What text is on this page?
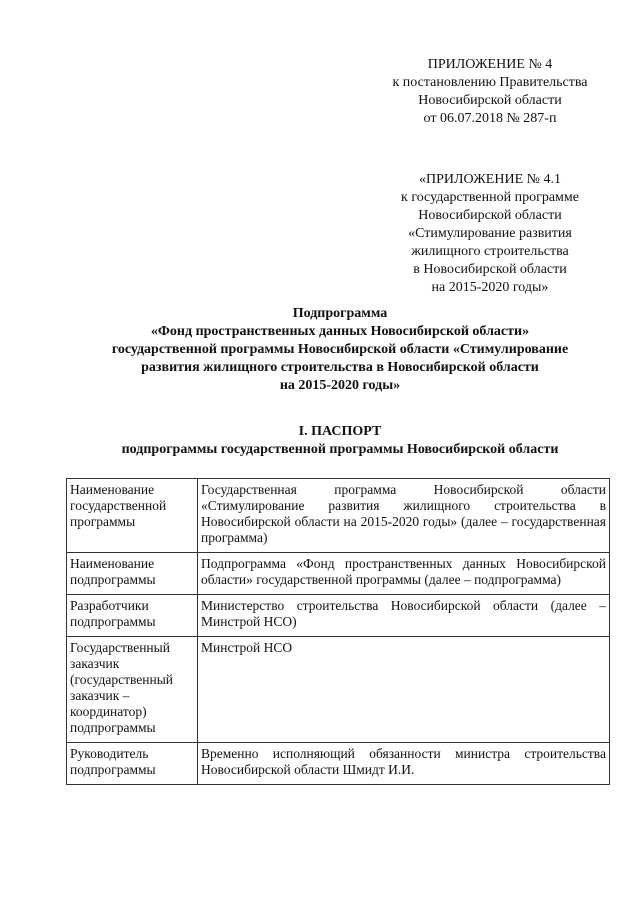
ПРИЛОЖЕНИЕ № 4
к постановлению Правительства
Новосибирской области
от 06.07.2018 № 287-п
«ПРИЛОЖЕНИЕ № 4.1
к государственной программе
Новосибирской области
«Стимулирование развития
жилищного строительства
в Новосибирской области
на 2015-2020 годы»
Подпрограмма
«Фонд пространственных данных Новосибирской области»
государственной программы Новосибирской области «Стимулирование
развития жилищного строительства в Новосибирской области
на 2015-2020 годы»
I. ПАСПОРТ
подпрограммы государственной программы Новосибирской области
Наименование государственной программы	Государственная программа Новосибирской области «Стимулирование развития жилищного строительства в Новосибирской области на 2015-2020 годы» (далее – государственная программа)
Наименование подпрограммы	Подпрограмма «Фонд пространственных данных Новосибирской области» государственной программы (далее – подпрограмма)
Разработчики подпрограммы	Министерство строительства Новосибирской области (далее – Минстрой НСО)
Государственный заказчик (государственный заказчик – координатор) подпрограммы	Минстрой НСО
Руководитель подпрограммы	Временно исполняющий обязанности министра строительства Новосибирской области Шмидт И.И.
